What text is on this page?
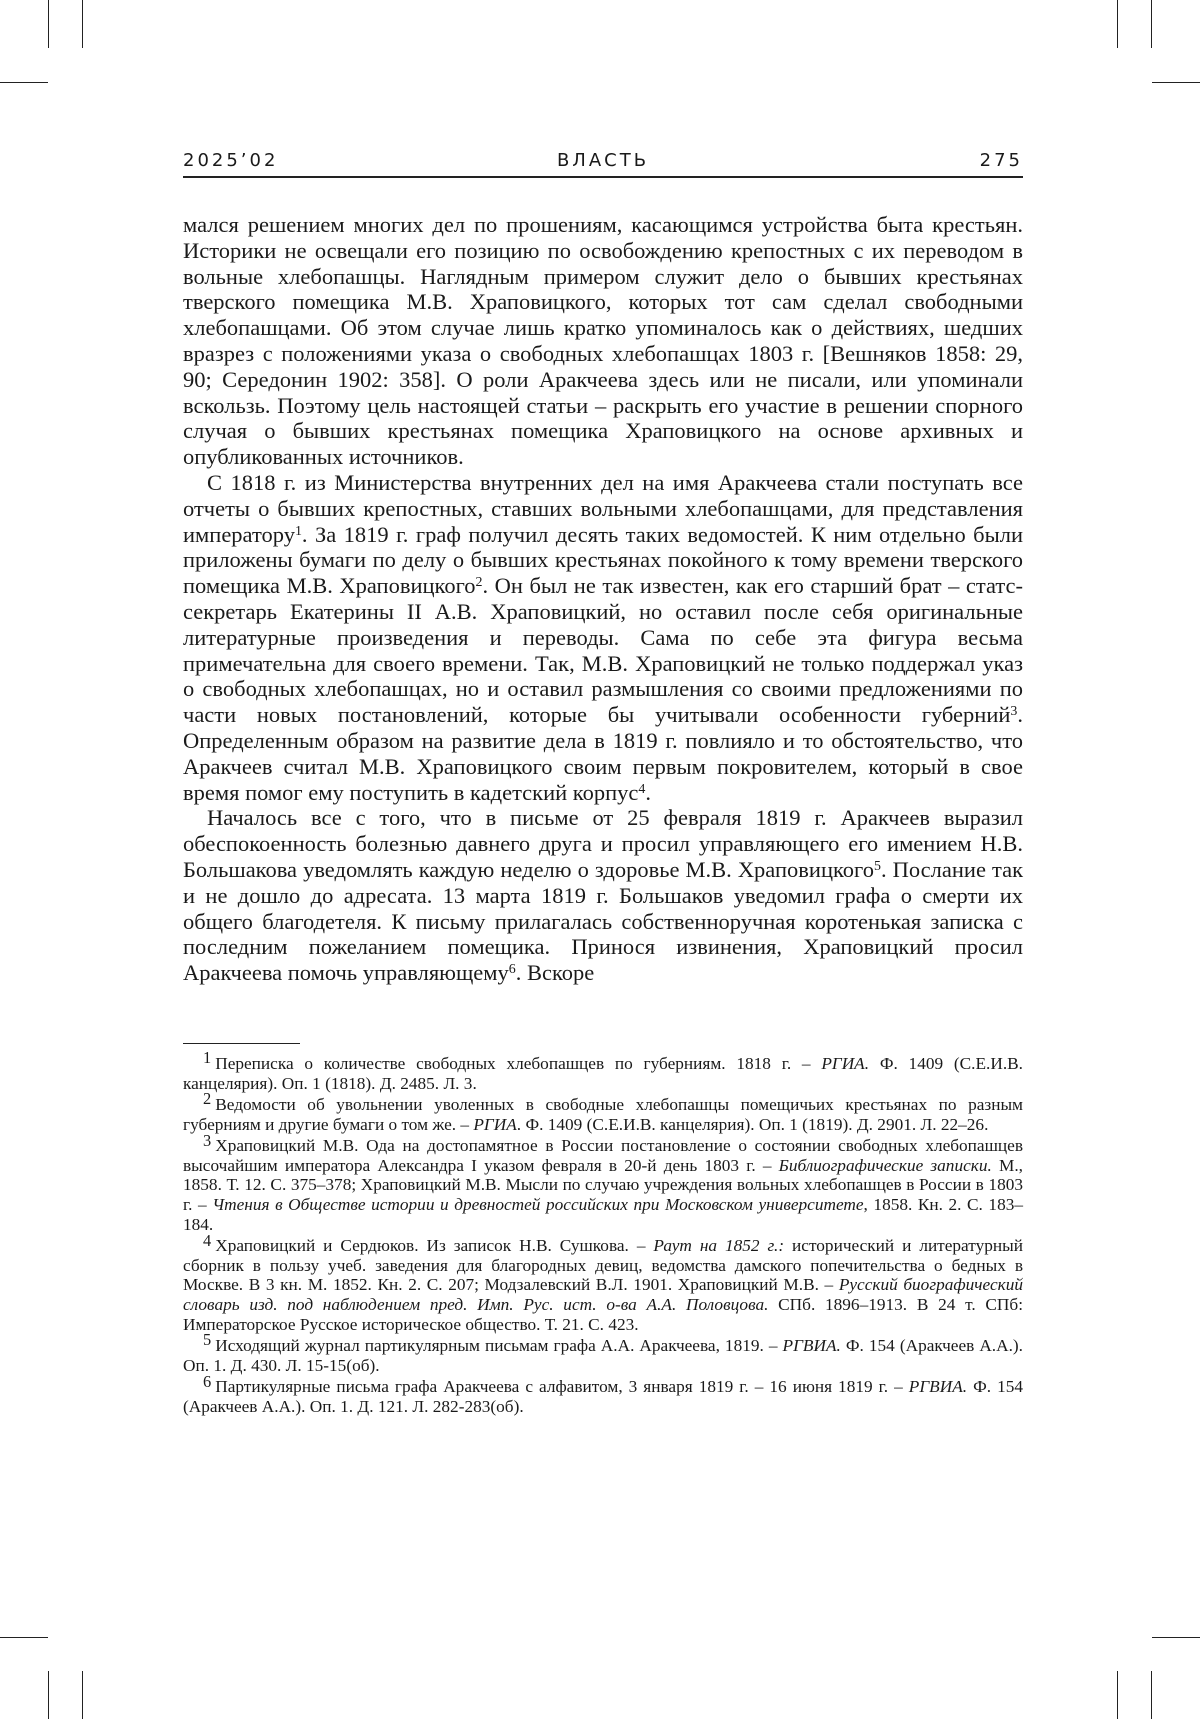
2025’02	ВЛАСТЬ	275

мался решением многих дел по прошениям, касающимся устройства быта крестьян. Историки не освещали его позицию по освобождению крепостных с их переводом в вольные хлебопашцы. Наглядным примером служит дело о бывших крестьянах тверского помещика М.В. Храповицкого, которых тот сам сделал свободными хлебопашцами. Об этом случае лишь кратко упоминалось как о действиях, шедших вразрез с положениями указа о свободных хлебопашцах 1803 г. [Вешняков 1858: 29, 90; Середонин 1902: 358]. О роли Аракчеева здесь или не писали, или упоминали вскользь. Поэтому цель настоящей статьи – раскрыть его участие в решении спорного случая о бывших крестьянах помещика Храповицкого на основе архивных и опубликованных источников.

С 1818 г. из Министерства внутренних дел на имя Аракчеева стали поступать все отчеты о бывших крепостных, ставших вольными хлебопашцами, для представления императору1. За 1819 г. граф получил десять таких ведомостей. К ним отдельно были приложены бумаги по делу о бывших крестьянах покойного к тому времени тверского помещика М.В. Храповицкого2. Он был не так известен, как его старший брат – статс-секретарь Екатерины II А.В. Храповицкий, но оставил после себя оригинальные литературные произведения и переводы. Сама по себе эта фигура весьма примечательна для своего времени. Так, М.В. Храповицкий не только поддержал указ о свободных хлебопашцах, но и оставил размышления со своими предложениями по части новых постановлений, которые бы учитывали особенности губерний3. Определенным образом на развитие дела в 1819 г. повлияло и то обстоятельство, что Аракчеев считал М.В. Храповицкого своим первым покровителем, который в свое время помог ему поступить в кадетский корпус4.

Началось все с того, что в письме от 25 февраля 1819 г. Аракчеев выразил обеспокоенность болезнью давнего друга и просил управляющего его имением Н.В. Большакова уведомлять каждую неделю о здоровье М.В. Храповицкого5. Послание так и не дошло до адресата. 13 марта 1819 г. Большаков уведомил графа о смерти их общего благодетеля. К письму прилагалась собственноручная коротенькая записка с последним пожеланием помещика. Принося извинения, Храповицкий просил Аракчеева помочь управляющему6. Вскоре

1 Переписка о количестве свободных хлебопашцев по губерниям. 1818 г. – РГИА. Ф. 1409 (С.Е.И.В. канцелярия). Оп. 1 (1818). Д. 2485. Л. 3.

2 Ведомости об увольнении уволенных в свободные хлебопашцы помещичьих крестьянах по разным губерниям и другие бумаги о том же. – РГИА. Ф. 1409 (С.Е.И.В. канцелярия). Оп. 1 (1819). Д. 2901. Л. 22–26.

3 Храповицкий М.В. Ода на достопамятное в России постановление о состоянии свободных хлебопашцев высочайшим императора Александра I указом февраля в 20-й день 1803 г. – Библиографические записки. М., 1858. Т. 12. С. 375–378; Храповицкий М.В. Мысли по случаю учреждения вольных хлебопашцев в России в 1803 г. – Чтения в Обществе истории и древностей российских при Московском университете, 1858. Кн. 2. С. 183–184.

4 Храповицкий и Сердюков. Из записок Н.В. Сушкова. – Раут на 1852 г.: исторический и литературный сборник в пользу учеб. заведения для благородных девиц, ведомства дамского попечительства о бедных в Москве. В 3 кн. М. 1852. Кн. 2. С. 207; Модзалевский В.Л. 1901. Храповицкий М.В. – Русский биографический словарь изд. под наблюдением пред. Имп. Рус. ист. о-ва А.А. Половцова. СПб. 1896–1913. В 24 т. СПб: Императорское Русское историческое общество. Т. 21. С. 423.

5 Исходящий журнал партикулярным письмам графа А.А. Аракчеева, 1819. – РГВИА. Ф. 154 (Аракчеев А.А.). Оп. 1. Д. 430. Л. 15-15(об).

6 Партикулярные письма графа Аракчеева с алфавитом, 3 января 1819 г. – 16 июня 1819 г. – РГВИА. Ф. 154 (Аракчеев А.А.). Оп. 1. Д. 121. Л. 282-283(об).
